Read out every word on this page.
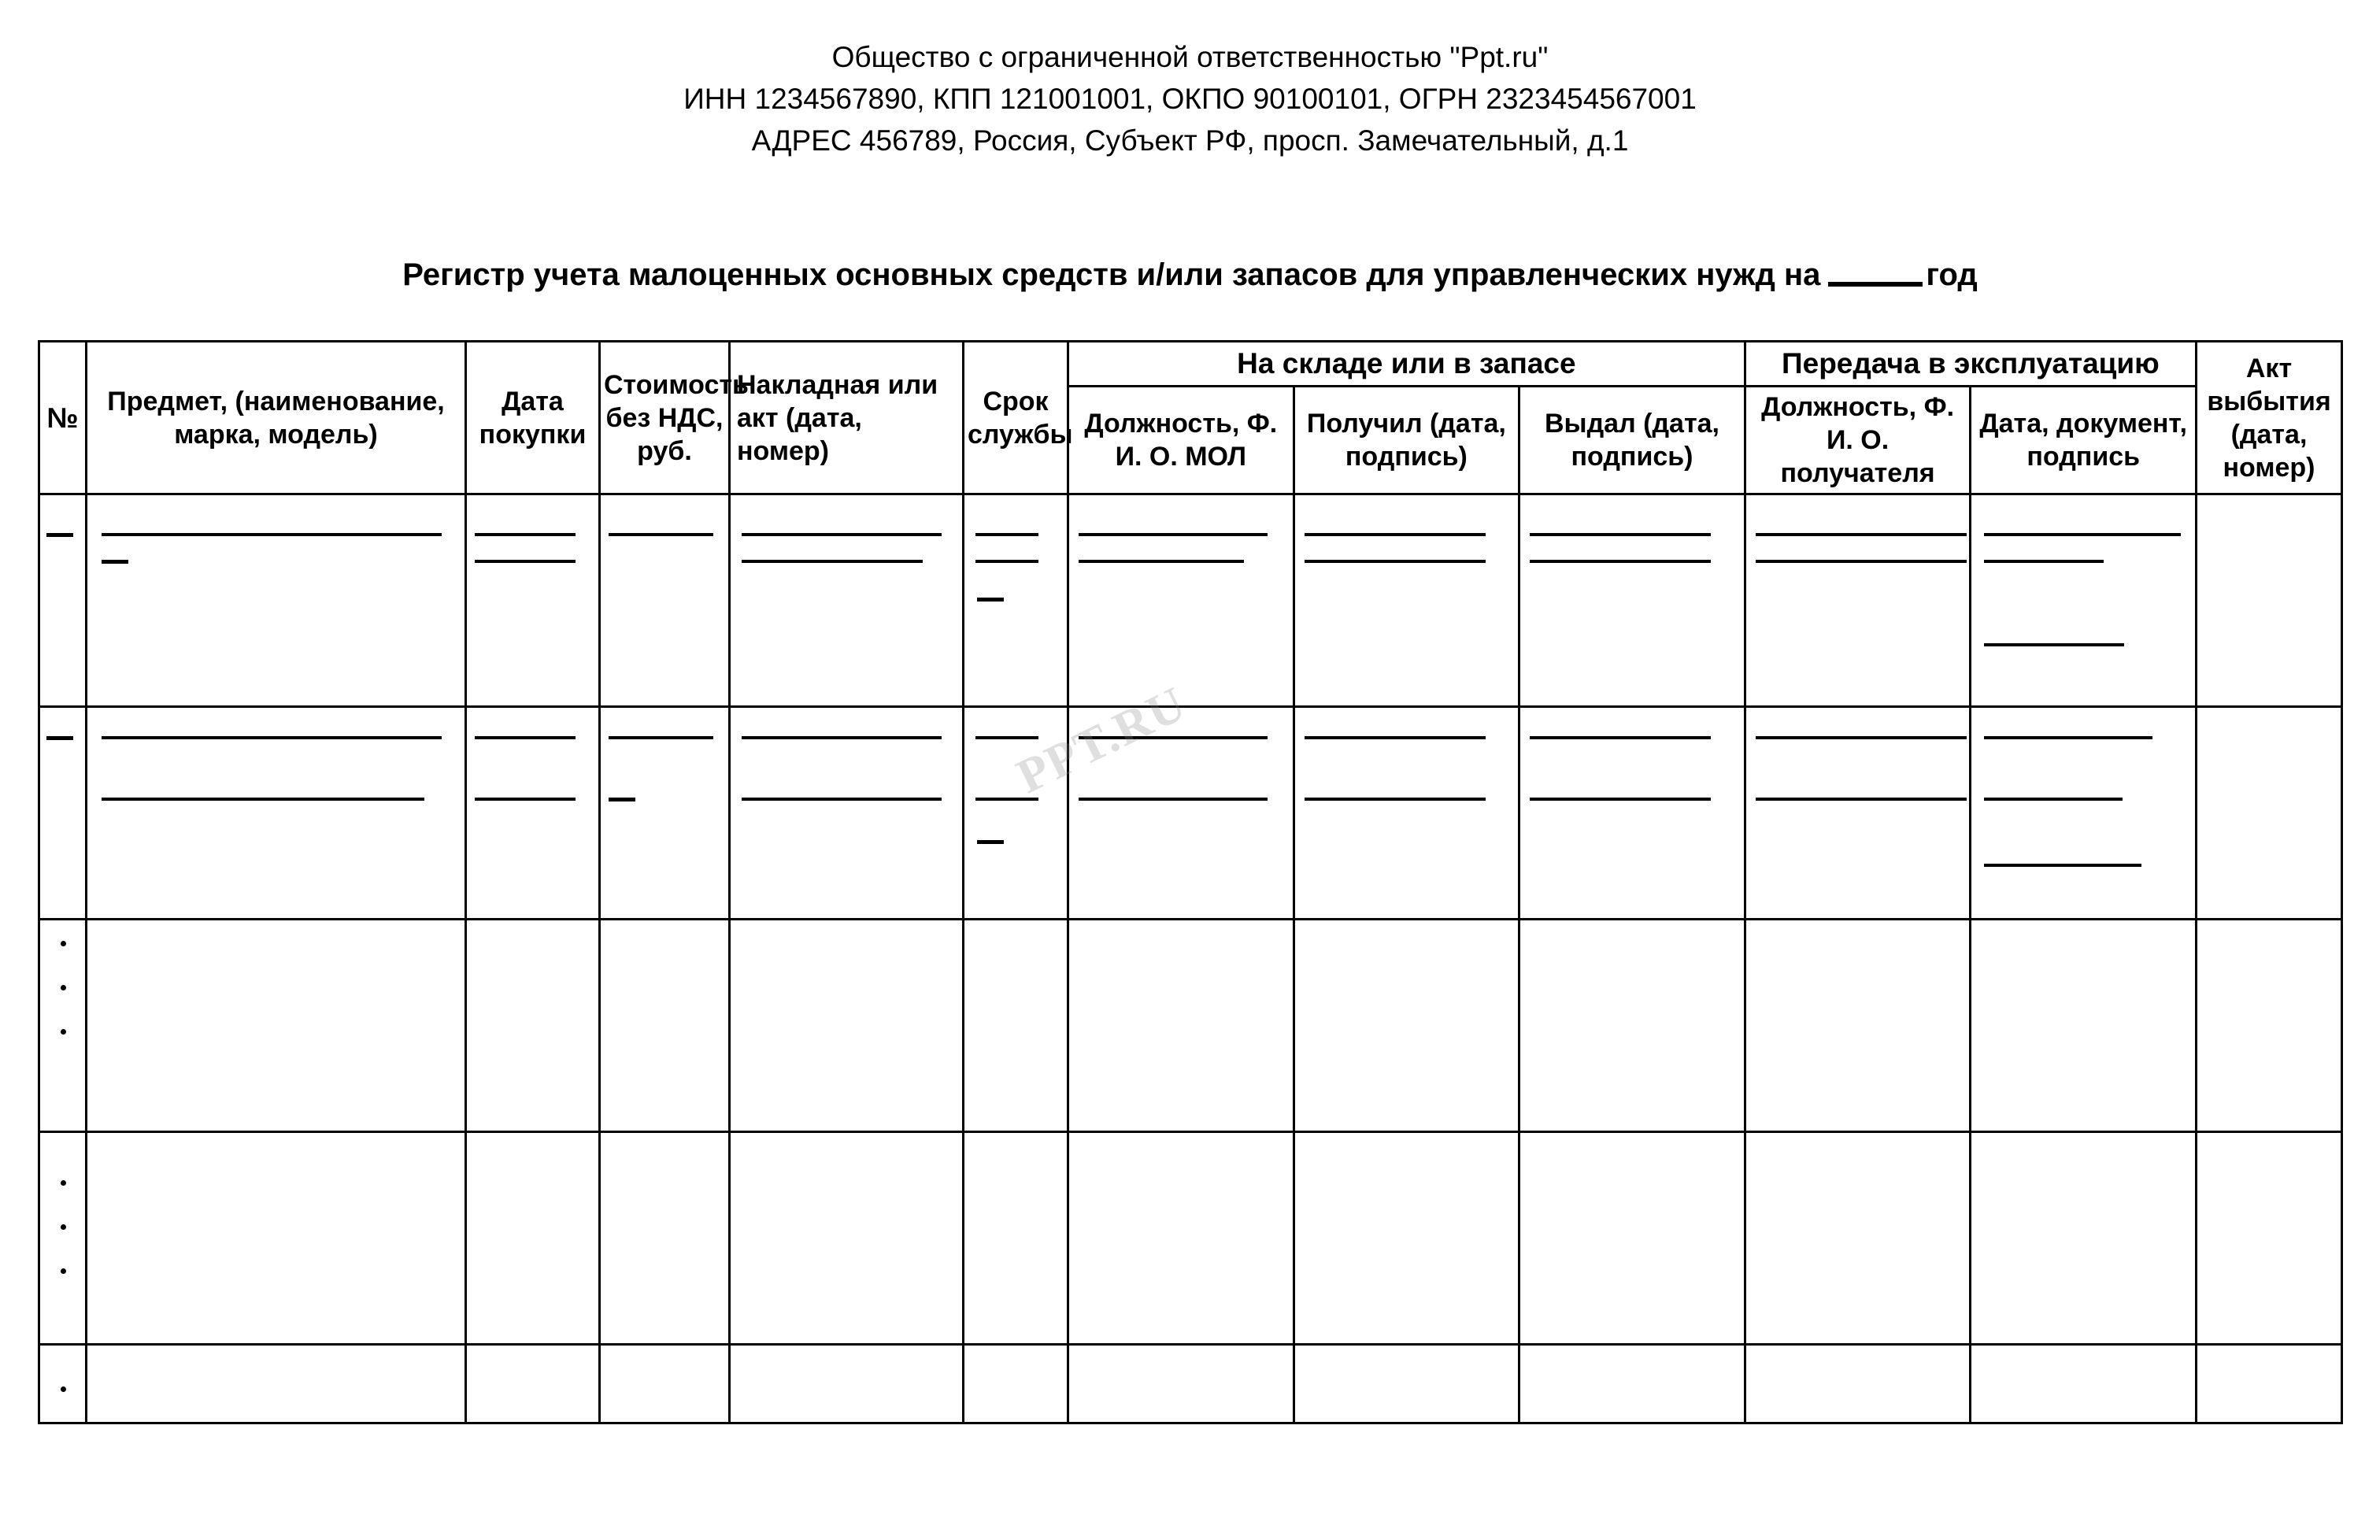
Общество с ограниченной ответственностью "Ppt.ru"
ИНН 1234567890, КПП 121001001, ОКПО 90100101, ОГРН 2323454567001
АДРЕС 456789, Россия, Субъект РФ, просп. Замечательный, д.1
Регистр учета малоценных основных средств и/или запасов для управленческих нужд на	год
№	Предмет, (наименование, марка, модель)	Дата покупки	Стоимость без НДС, руб.	Накладная или акт (дата, номер)	Срок службы	На складе или в запасе			Передача в эксплуатацию		Акт выбытия (дата, номер)
						Должность, Ф. И. О. МОЛ	Получил (дата, подпись)	Выдал (дата, подпись)	Должность, Ф. И. О. получателя	Дата, документ, подпись	

PPT.RU
